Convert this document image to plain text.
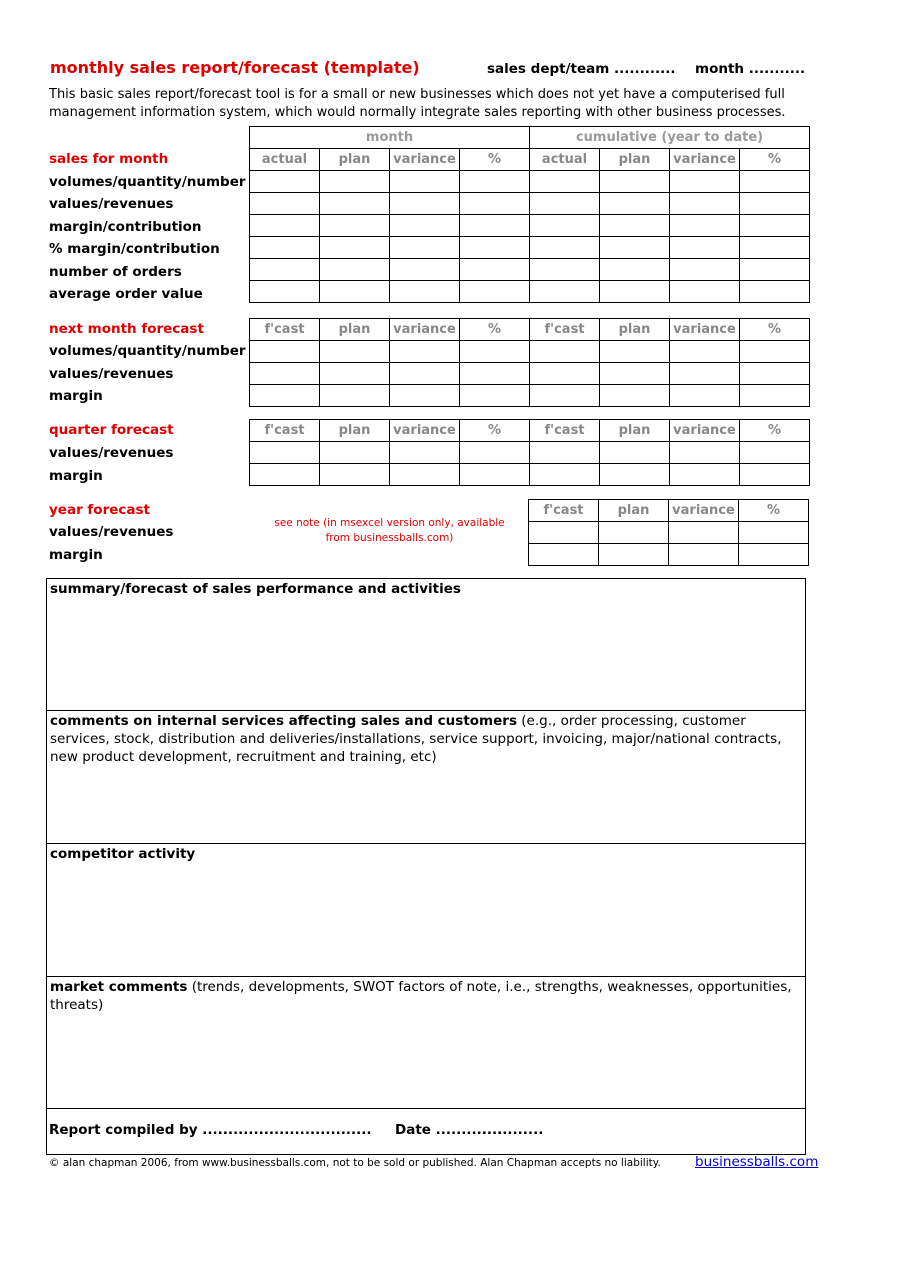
monthly sales report/forecast (template)	sales dept/team ............ month ...........
This basic sales report/forecast tool is for a small or new businesses which does not yet have a computerised full management information system, which would normally integrate sales reporting with other business processes.
sales for month
volumes/quantity/number
values/revenues
margin/contribution
% margin/contribution
number of orders
average order value
month				cumulative (year to date)			
actual	plan	variance	%	actual	plan	variance	%

next month forecast
volumes/quantity/number
values/revenues
margin
f'cast	plan	variance	%	f'cast	plan	variance	%

quarter forecast
values/revenues
margin
f'cast	plan	variance	%	f'cast	plan	variance	%

year forecast
values/revenues
margin
see note (in msexcel version only, available from businessballs.com)
f'cast	plan	variance	%

summary/forecast of sales performance and activities
comments on internal services affecting sales and customers (e.g., order processing, customer services, stock, distribution and deliveries/installations, service support, invoicing, major/national contracts, new product development, recruitment and training, etc)
competitor activity
market comments (trends, developments, SWOT factors of note, i.e., strengths, weaknesses, opportunities, threats)
Report compiled by ................................. Date .....................
© alan chapman 2006, from www.businessballs.com, not to be sold or published. Alan Chapman accepts no liability.	businessballs.com
